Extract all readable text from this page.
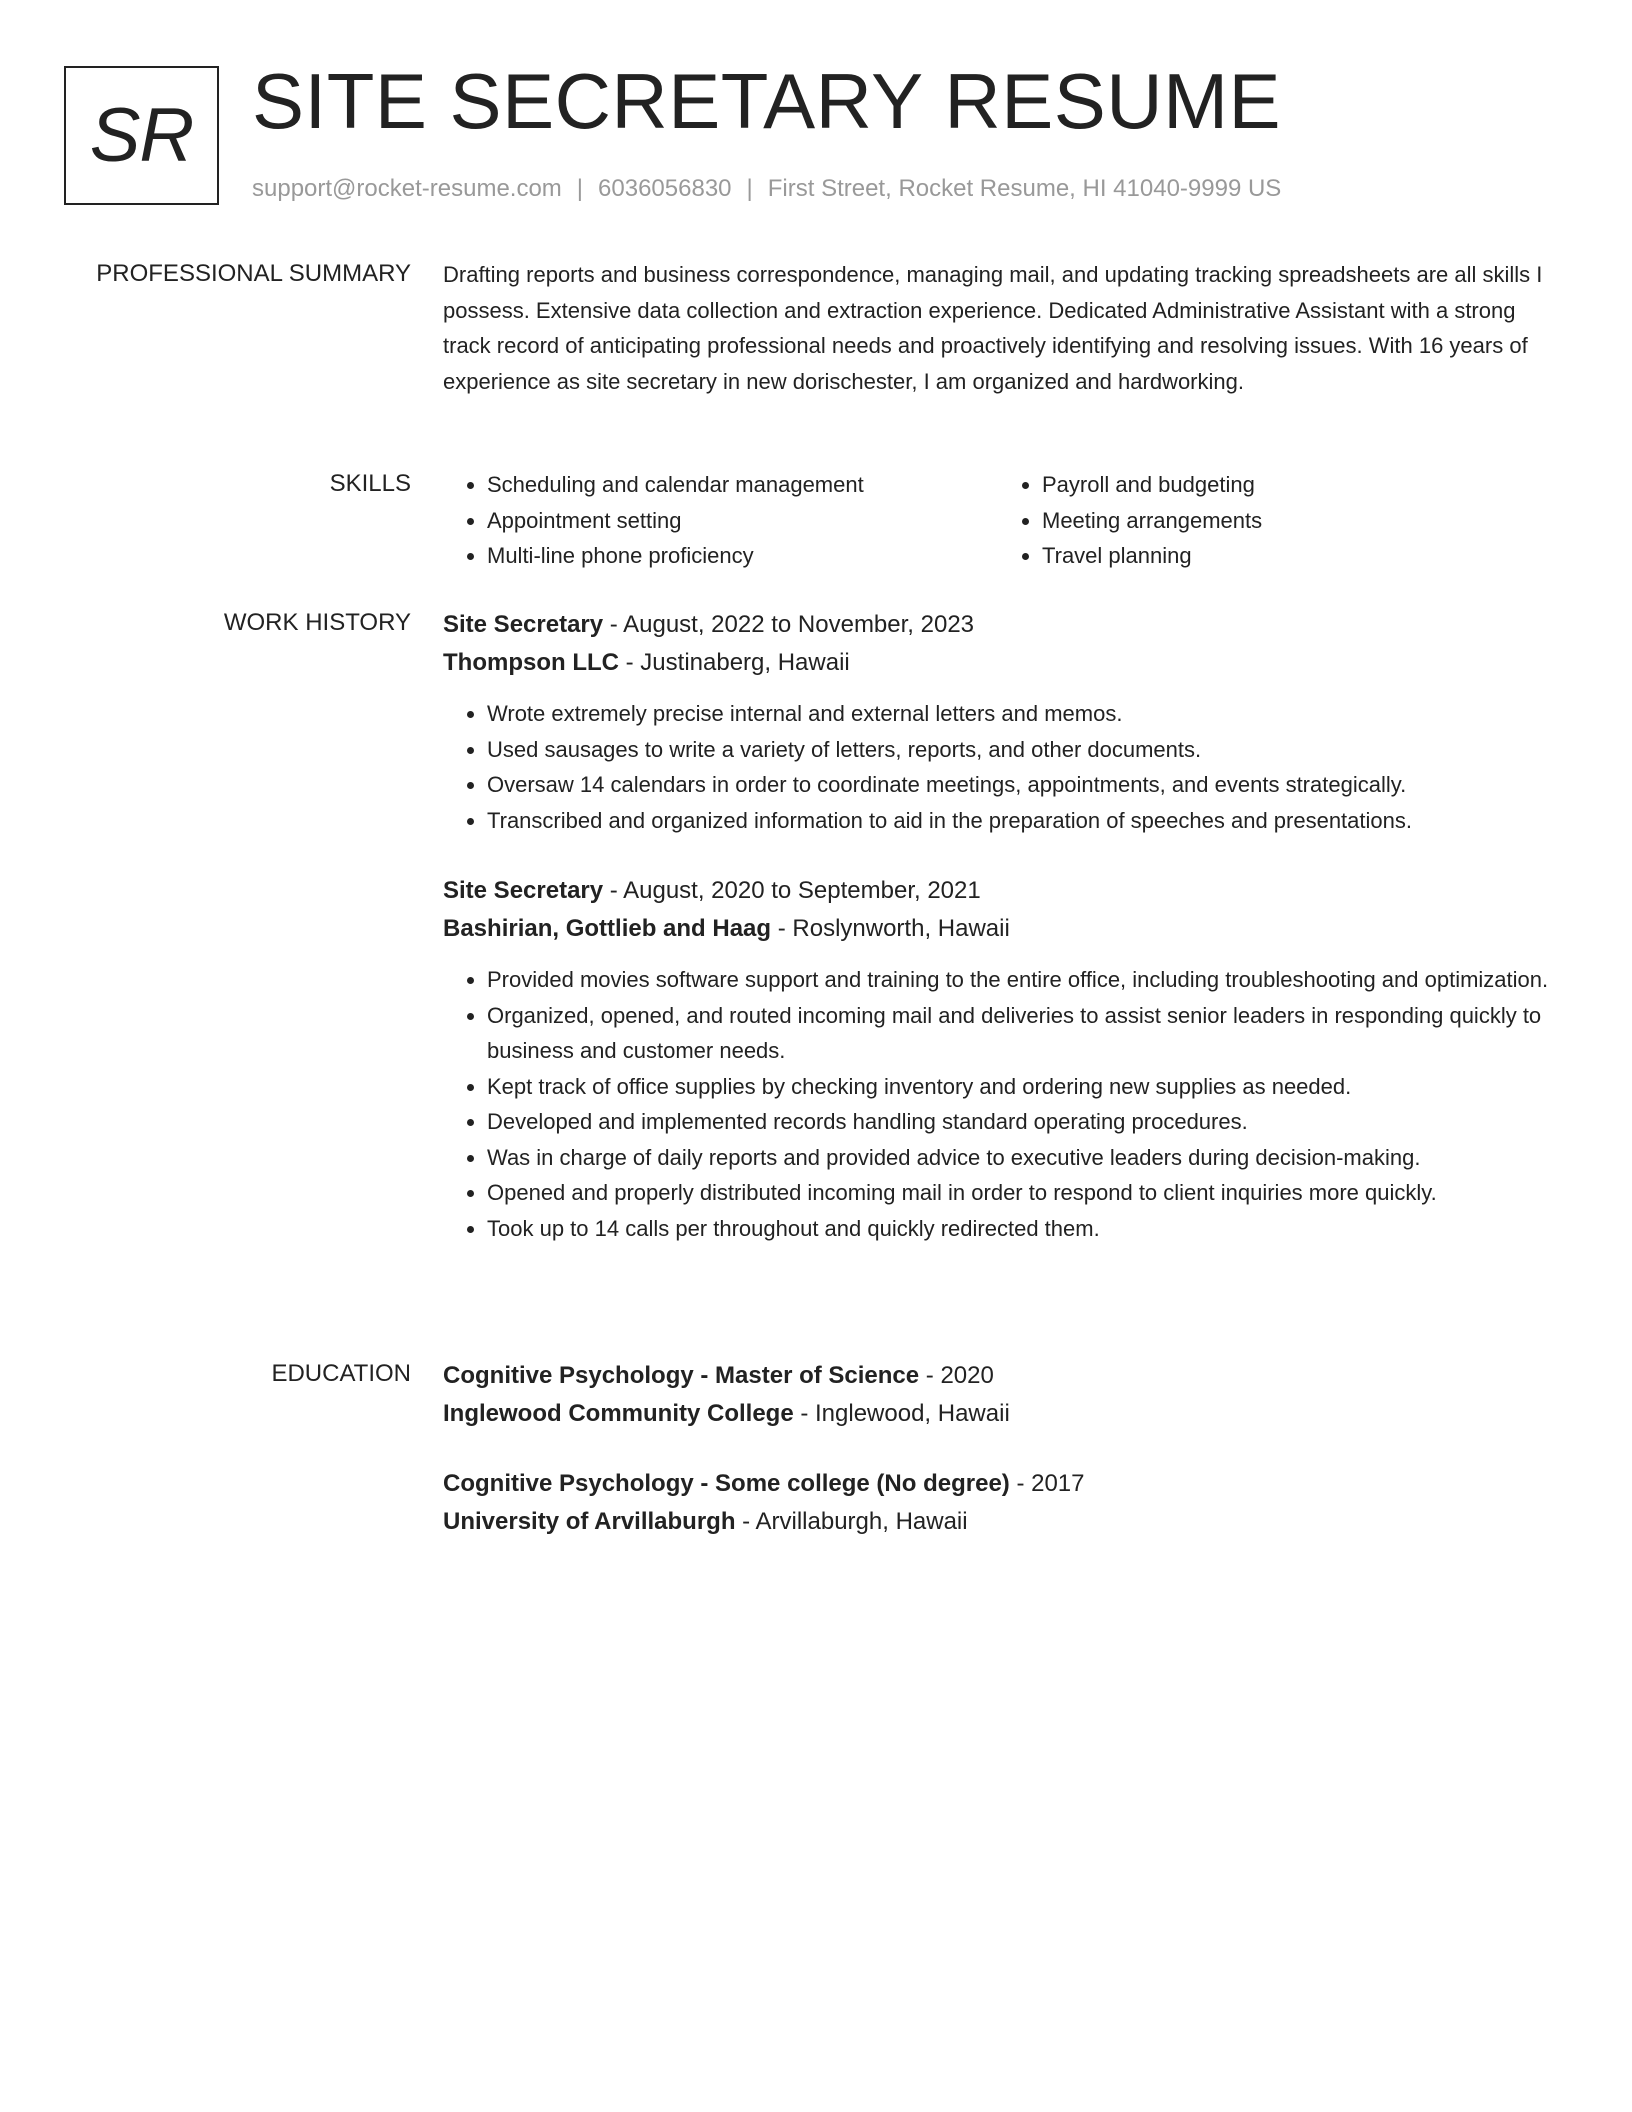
SR SITE SECRETARY RESUME
support@rocket-resume.com | 6036056830 | First Street, Rocket Resume, HI 41040-9999 US
PROFESSIONAL SUMMARY Drafting reports and business correspondence, managing mail, and updating tracking spreadsheets are all skills I possess. Extensive data collection and extraction experience. Dedicated Administrative Assistant with a strong track record of anticipating professional needs and proactively identifying and resolving issues. With 16 years of experience as site secretary in new dorischester, I am organized and hardworking.

SKILLS
•	Scheduling and calendar management
• Appointment setting
• Multi-line phone proficiency
• Payroll and budgeting
• Meeting arrangements
• Travel planning
WORK HISTORY Site Secretary - August, 2022 to November, 2023
Thompson LLC - Justinaberg, Hawaii
• Wrote extremely precise internal and external letters and memos.
• Used sausages to write a variety of letters, reports, and other documents.
• Oversaw 14 calendars in order to coordinate meetings, appointments, and events strategically.
• Transcribed and organized information to aid in the preparation of speeches and presentations.
Site Secretary - August, 2020 to September, 2021
Bashirian, Gottlieb and Haag - Roslynworth, Hawaii
• Provided movies software support and training to the entire office, including troubleshooting and optimization.
• Organized, opened, and routed incoming mail and deliveries to assist senior leaders in responding quickly to business and customer needs.
• Kept track of office supplies by checking inventory and ordering new supplies as needed.
• Developed and implemented records handling standard operating procedures.
• Was in charge of daily reports and provided advice to executive leaders during decision-making.
• Opened and properly distributed incoming mail in order to respond to client inquiries more quickly.
• Took up to 14 calls per throughout and quickly redirected them.
EDUCATION Cognitive Psychology - Master of Science - 2020
Inglewood Community College - Inglewood, Hawaii
Cognitive Psychology - Some college (No degree) - 2017
University of Arvillaburgh - Arvillaburgh, Hawaii
